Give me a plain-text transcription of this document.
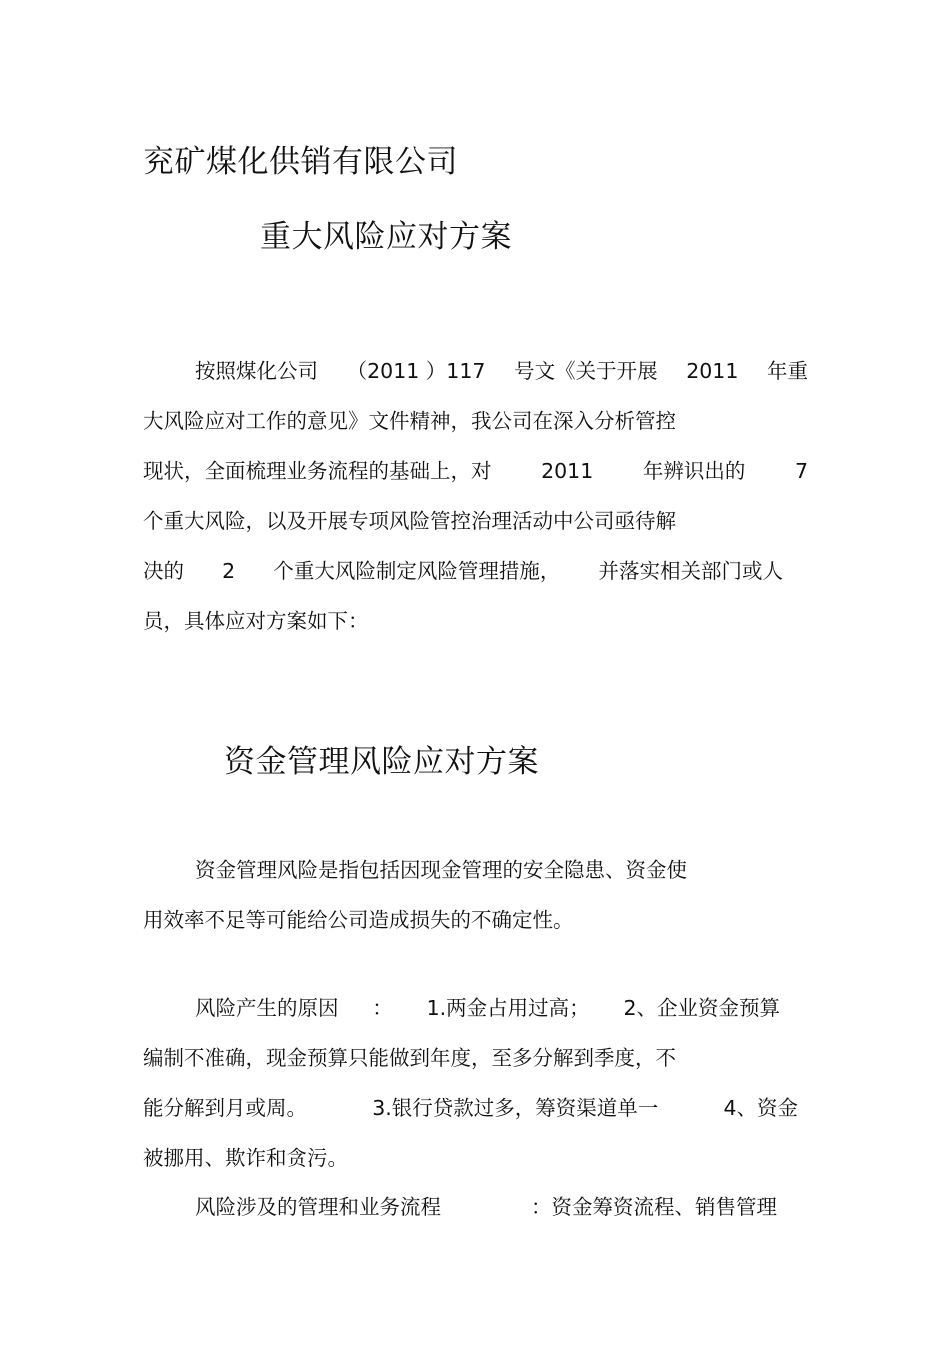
兖矿煤化供销有限公司
重大风险应对方案
按照煤化公司 （2011 ）117 号文《关于开展 2011 年重
大风险应对工作的意见》文件精神，我公司在深入分析管控
现状，全面梳理业务流程的基础上，对 2011 年辨识出的 7
个重大风险，以及开展专项风险管控治理活动中公司亟待解
决的 2 个重大风险制定风险管理措施， 并落实相关部门或人
员，具体应对方案如下：
资金管理风险应对方案
资金管理风险是指包括因现金管理的安全隐患、资金使
用效率不足等可能给公司造成损失的不确定性。
风险产生的原因 ： 1.两金占用过高； 2、企业资金预算
编制不准确，现金预算只能做到年度，至多分解到季度，不
能分解到月或周。	3.银行贷款过多，筹资渠道单一	4、资金
被挪用、欺诈和贪污。
风险涉及的管理和业务流程	：资金筹资流程、销售管理
